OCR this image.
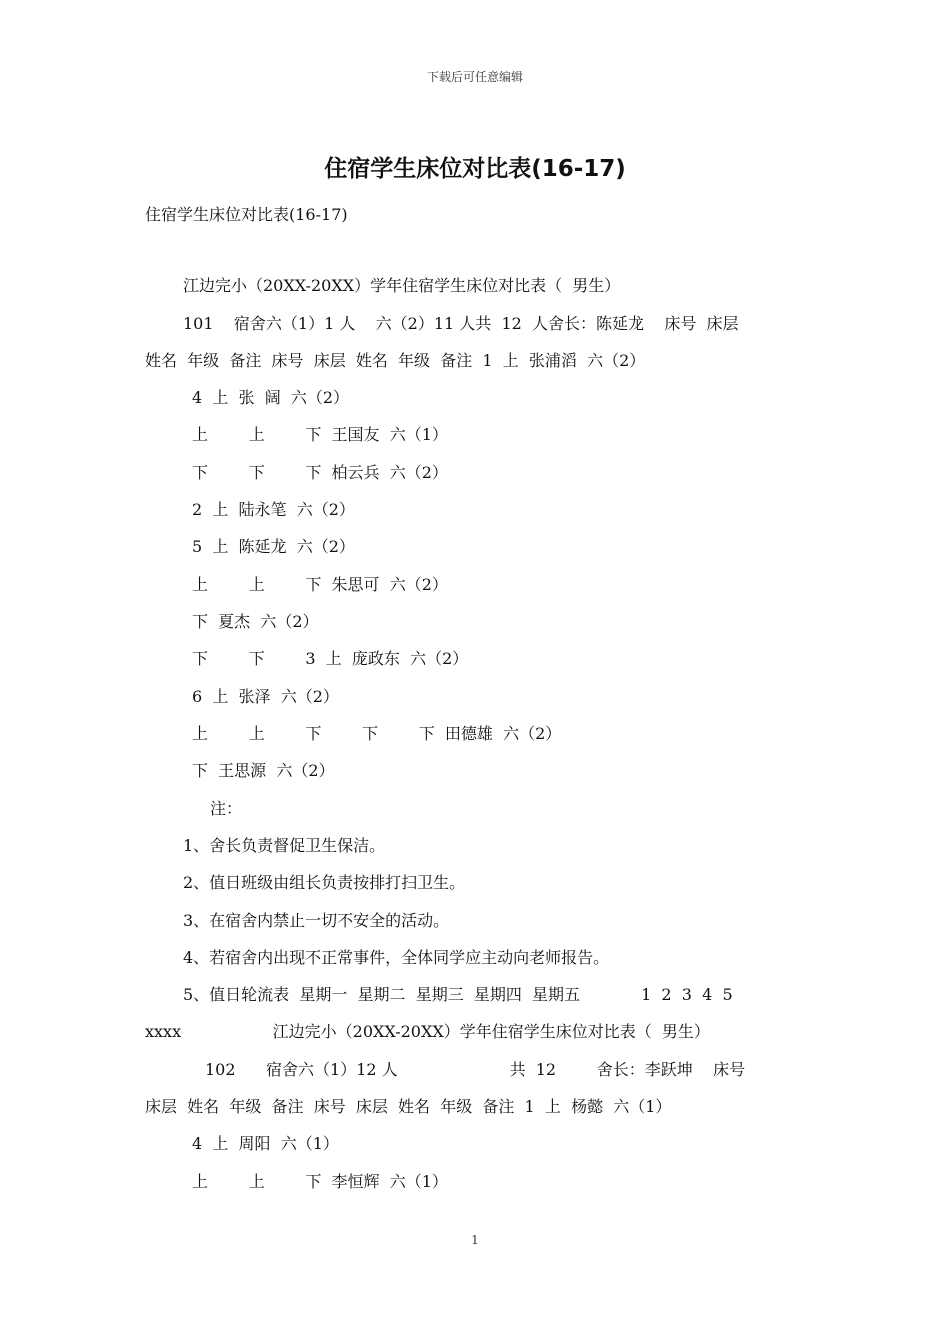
下载后可任意编辑
住宿学生床位对比表(16-17)
住宿学生床位对比表(16-17)
江边完小（20XX-20XX）学年住宿学生床位对比表（  男生）
101    宿舍六（1）1 人    六（2）11 人共  12  人舍长：陈延龙    床号  床层
姓名  年级  备注  床号  床层  姓名  年级  备注  1  上  张浦滔  六（2）
4  上  张  阔  六（2）
上        上        下  王国友  六（1）
下        下        下  柏云兵  六（2）
2  上  陆永笔  六（2）
5  上  陈延龙  六（2）
上        上        下  朱思可  六（2）
下  夏杰  六（2）
下        下        3  上  庞政东  六（2）
6  上  张泽  六（2）
上        上        下        下        下  田德雄  六（2）
下  王思源  六（2）
注：
1、舍长负责督促卫生保洁。
2、值日班级由组长负责按排打扫卫生。
3、在宿舍内禁止一切不安全的活动。
4、若宿舍内出现不正常事件，全体同学应主动向老师报告。
5、值日轮流表  星期一  星期二  星期三  星期四  星期五            1  2  3  4  5
xxxx                  江边完小（20XX-20XX）学年住宿学生床位对比表（  男生）
102      宿舍六（1）12 人                      共  12        舍长：李跃坤    床号
床层  姓名  年级  备注  床号  床层  姓名  年级  备注  1  上  杨懿  六（1）
4  上  周阳  六（1）
上        上        下  李恒辉  六（1）
1
